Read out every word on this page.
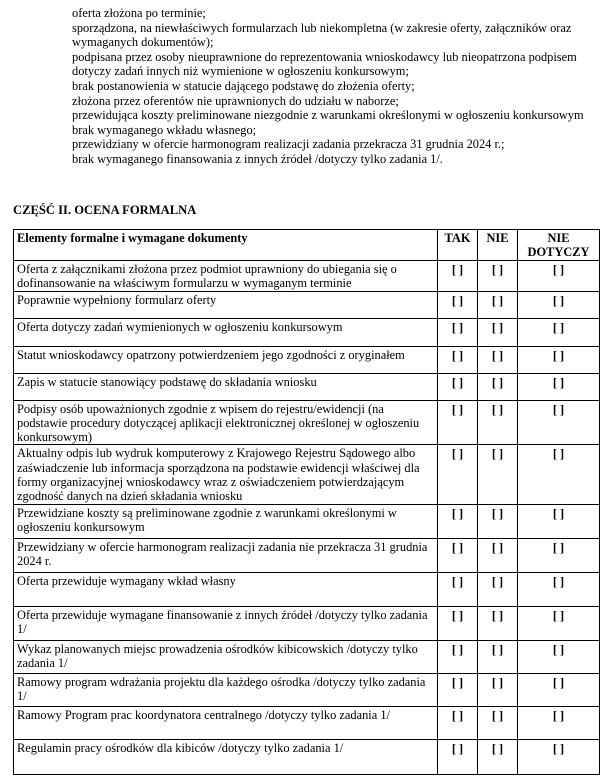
oferta złożona po terminie;
sporządzona, na niewłaściwych formularzach lub niekompletna (w zakresie oferty, załączników oraz
wymaganych dokumentów);
podpisana przez osoby nieuprawnione do reprezentowania wnioskodawcy lub nieopatrzona podpisem
dotyczy zadań innych niż wymienione w ogłoszeniu konkursowym;
brak postanowienia w statucie dającego podstawę do złożenia oferty;
złożona przez oferentów nie uprawnionych do udziału w naborze;
przewidująca koszty preliminowane niezgodnie z warunkami określonymi w ogłoszeniu konkursowym
brak wymaganego wkładu własnego;
przewidziany w ofercie harmonogram realizacji zadania przekracza 31 grudnia 2024 r.;
brak wymaganego finansowania z innych źródeł /dotyczy tylko zadania 1/.
CZĘŚĆ II. OCENA FORMALNA
Elementy formalne i wymagane dokumenty	TAK	NIE	NIE DOTYCZY
Oferta z załącznikami złożona przez podmiot uprawniony do ubiegania się o dofinansowanie na właściwym formularzu w wymaganym terminie	[ ]	[ ]	[ ]
Poprawnie wypełniony formularz oferty	[ ]	[ ]	[ ]
Oferta dotyczy zadań wymienionych w ogłoszeniu konkursowym	[ ]	[ ]	[ ]
Statut wnioskodawcy opatrzony potwierdzeniem jego zgodności z oryginałem	[ ]	[ ]	[ ]
Zapis w statucie stanowiący podstawę do składania wniosku	[ ]	[ ]	[ ]
Podpisy osób upoważnionych zgodnie z wpisem do rejestru/ewidencji (na podstawie procedury dotyczącej aplikacji elektronicznej określonej w ogłoszeniu konkursowym)	[ ]	[ ]	[ ]
Aktualny odpis lub wydruk komputerowy z Krajowego Rejestru Sądowego albo zaświadczenie lub informacja sporządzona na podstawie ewidencji właściwej dla formy organizacyjnej wnioskodawcy wraz z oświadczeniem potwierdzającym zgodność danych na dzień składania wniosku	[ ]	[ ]	[ ]
Przewidziane koszty są preliminowane zgodnie z warunkami określonymi w ogłoszeniu konkursowym	[ ]	[ ]	[ ]
Przewidziany w ofercie harmonogram realizacji zadania nie przekracza 31 grudnia 2024 r.	[ ]	[ ]	[ ]
Oferta przewiduje wymagany wkład własny	[ ]	[ ]	[ ]
Oferta przewiduje wymagane finansowanie z innych źródeł /dotyczy tylko zadania 1/	[ ]	[ ]	[ ]
Wykaz planowanych miejsc prowadzenia ośrodków kibicowskich /dotyczy tylko zadania 1/	[ ]	[ ]	[ ]
Ramowy program wdrażania projektu dla każdego ośrodka /dotyczy tylko zadania 1/	[ ]	[ ]	[ ]
Ramowy Program prac koordynatora centralnego /dotyczy tylko zadania 1/	[ ]	[ ]	[ ]
Regulamin pracy ośrodków dla kibiców /dotyczy tylko zadania 1/	[ ]	[ ]	[ ]
